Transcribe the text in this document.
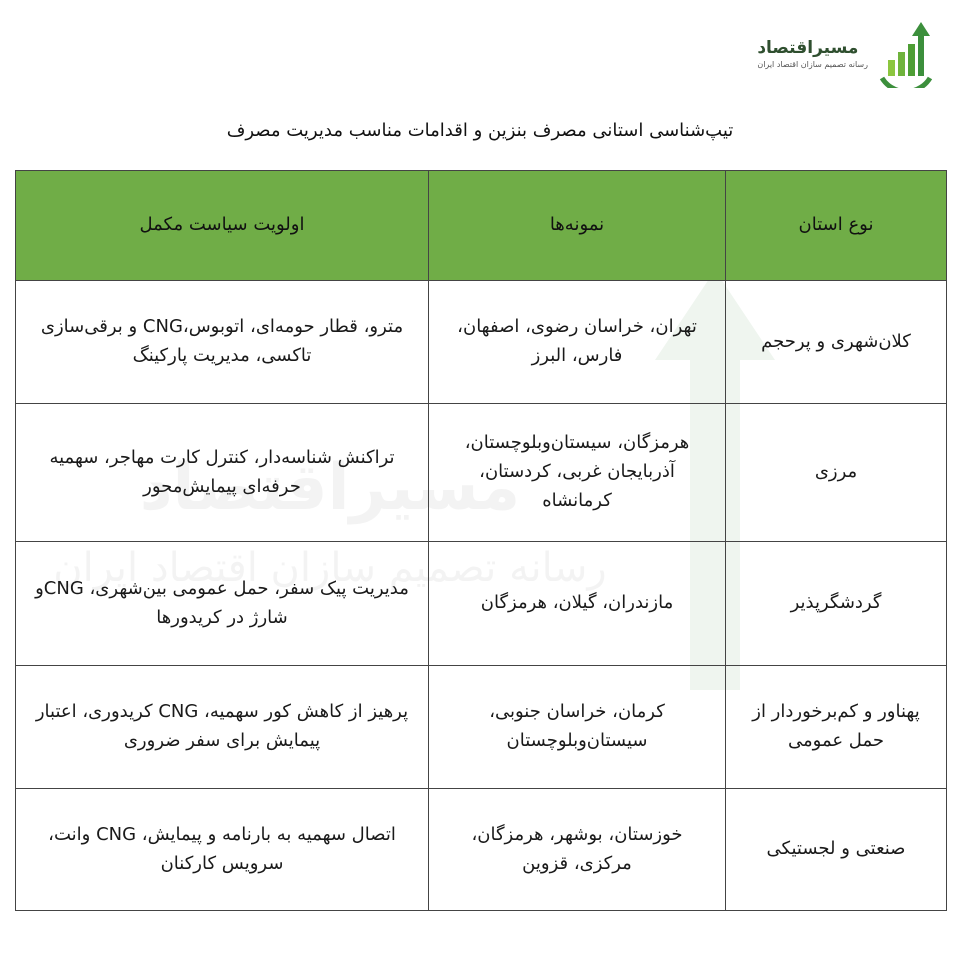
مسیراقتصاد
رسانه تصمیم سازان اقتصاد ایران
تیپ‌شناسی استانی مصرف بنزین و اقدامات مناسب مدیریت مصرف
نوع استان	نمونه‌ها	اولویت سیاست مکمل
کلان‌شهری و پرحجم	تهران، خراسان رضوی، اصفهان، فارس، البرز	مترو، قطار حومه‌ای، اتوبوس،CNG و برقی‌سازی تاکسی، مدیریت پارکینگ
مرزی	هرمزگان، سیستان‌وبلوچستان، آذربایجان غربی، کردستان، کرمانشاه	تراکنش شناسه‌دار، کنترل کارت مهاجر، سهمیه حرفه‌ای پیمایش‌محور
گردشگرپذیر	مازندران، گیلان، هرمزگان	مدیریت پیک سفر، حمل عمومی بین‌شهری، CNGو شارژ در کریدورها
پهناور و کم‌برخوردار از حمل عمومی	کرمان، خراسان جنوبی، سیستان‌وبلوچستان	پرهیز از کاهش کور سهمیه، CNG کریدوری، اعتبار پیمایش برای سفر ضروری
صنعتی و لجستیکی	خوزستان، بوشهر، هرمزگان، مرکزی، قزوین	اتصال سهمیه به بارنامه و پیمایش، CNG وانت، سرویس کارکنان
